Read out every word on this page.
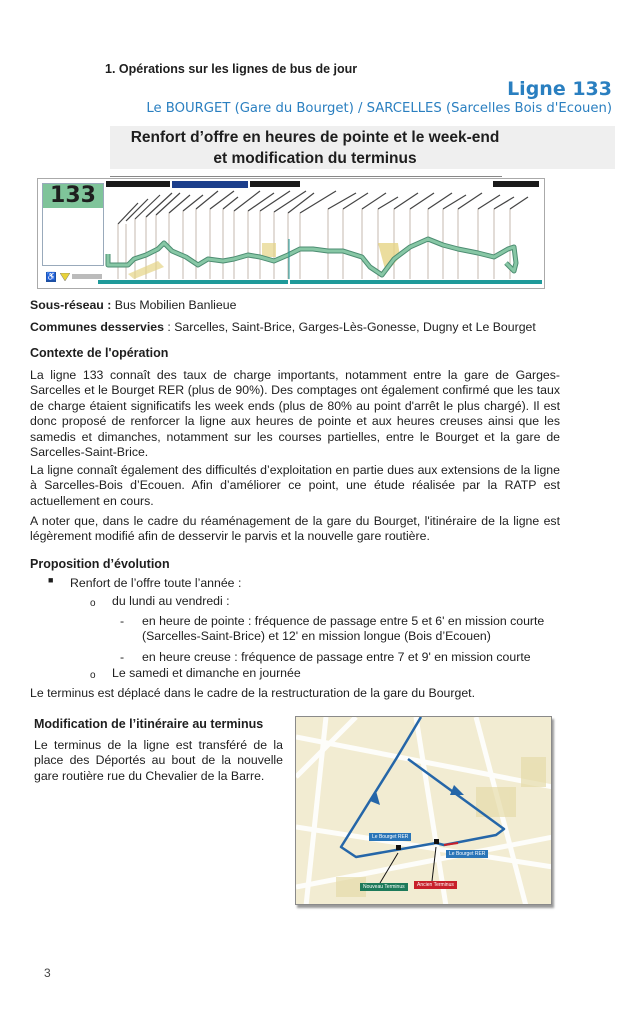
1. Opérations sur les lignes de bus de jour
Ligne 133
Le BOURGET (Gare du Bourget) / SARCELLES (Sarcelles Bois d'Ecouen)
Renfort d’offre en heures de pointe et le week-end
et modification du terminus
133
♿
Sous-réseau : Bus Mobilien Banlieue
Communes desservies : Sarcelles, Saint-Brice, Garges-Lès-Gonesse, Dugny et Le Bourget
Contexte de l'opération
La ligne 133 connaît des taux de charge importants, notamment entre la gare de Garges-Sarcelles et le Bourget RER (plus de 90%). Des comptages ont également confirmé que les taux de charge étaient significatifs les week ends (plus de 80% au point d'arrêt le plus chargé). Il est donc proposé de renforcer la ligne aux heures de pointe et aux heures creuses ainsi que les samedis et dimanches, notamment sur les courses partielles, entre le Bourget et la gare de Sarcelles-Saint-Brice.
La ligne connaît également des difficultés d’exploitation en partie dues aux extensions de la ligne à Sarcelles-Bois d’Ecouen. Afin d’améliorer ce point, une étude réalisée par la RATP est actuellement en cours.
A noter que, dans le cadre du réaménagement de la gare du Bourget, l'itinéraire de la ligne est légèrement modifié afin de desservir le parvis et la nouvelle gare routière.
Proposition d’évolution
■ Renfort de l’offre toute l’année :
o du lundi au vendredi :
- en heure de pointe : fréquence de passage entre 5 et 6' en mission courte (Sarcelles-Saint-Brice) et 12' en mission longue (Bois d’Ecouen)
- en heure creuse : fréquence de passage entre 7 et 9' en mission courte
o Le samedi et dimanche en journée
Le terminus est déplacé dans le cadre de la restructuration de la gare du Bourget.
Modification de l’itinéraire au terminus
Le terminus de la ligne est transféré de la place des Déportés au bout de la nouvelle gare routière rue du Chevalier de la Barre.
Le Bourget RER
Le Bourget RER
Nouveau Terminus	Ancien Terminus
3
